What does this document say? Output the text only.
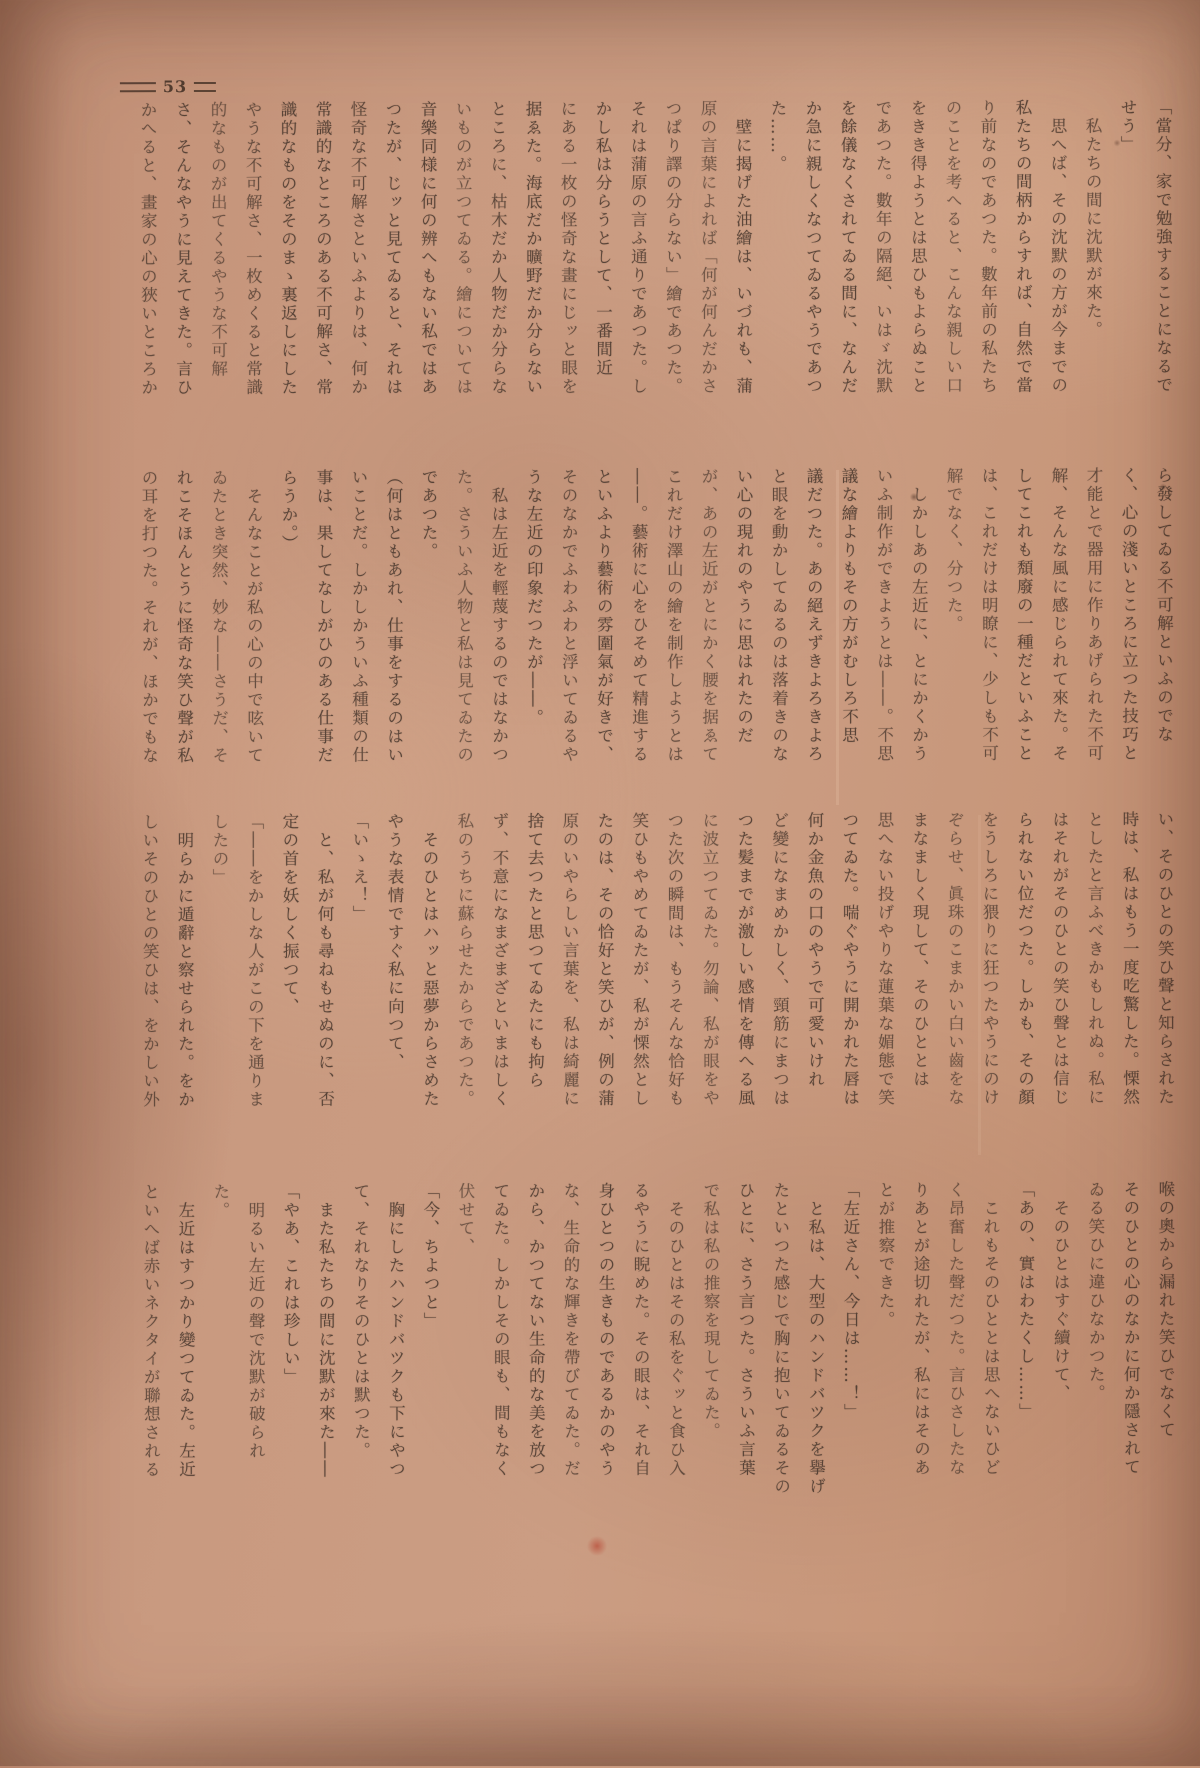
53
「當分、家で勉強することになるで
せう」
　私たちの間に沈默が來た。
　思へば、その沈默の方が今までの
私たちの間柄からすれば、自然で當
り前なのであつた。數年前の私たち
のことを考へると、こんな親しい口
をきき得ようとは思ひもよらぬこと
であつた。數年の隔絕、いはゞ沈默
を餘儀なくされてゐる間に、なんだ
か急に親しくなつてゐるやうであつ
た……。
　壁に揭げた油繪は、いづれも、蒲
原の言葉によれば「何が何んだかさ
つぱり譯の分らない」繪であつた。
それは蒲原の言ふ通りであつた。し
かし私は分らうとして、一番間近
にある一枚の怪奇な畫にじッと眼を
据ゑた。海底だか曠野だか分らない
ところに、枯木だか人物だか分らな
いものが立つてゐる。繪については
音樂同様に何の辨へもない私ではあ
つたが、じッと見てゐると、それは
怪奇な不可解さといふよりは、何か
常識的なところのある不可解さ、常
識的なものをそのまゝ裏返しにした
やうな不可解さ、一枚めくると常識
的なものが出てくるやうな不可解
さ、そんなやうに見えてきた。言ひ
かへると、畫家の心の狹いところか
ら發してゐる不可解といふのでな
く、心の淺いところに立つた技巧と
才能とで器用に作りあげられた不可
解、そんな風に感じられて來た。そ
してこれも頽廢の一種だといふこと
は、これだけは明瞭に、少しも不可
解でなく、分つた。
　しかしあの左近に、とにかくかう
いふ制作ができようとは――。不思
議な繪よりもその方がむしろ不思
議だつた。あの絕えずきよろきよろ
と眼を動かしてゐるのは落着きのな
い心の現れのやうに思はれたのだ
が、あの左近がとにかく腰を据ゑて
これだけ澤山の繪を制作しようとは
――。藝術に心をひそめて精進する
といふより藝術の雰圍氣が好きで、
そのなかでふわふわと浮いてゐるや
うな左近の印象だつたが――。
　私は左近を輕蔑するのではなかつ
た。さういふ人物と私は見てゐたの
であつた。
（何はともあれ、仕事をするのはい
いことだ。しかしかういふ種類の仕
事は、果してなしがひのある仕事だ
らうか。）
　そんなことが私の心の中で呟いて
ゐたとき突然、妙な――さうだ、そ
れこそほんとうに怪奇な笑ひ聲が私
の耳を打つた。それが、ほかでもな
い、そのひとの笑ひ聲と知らされた
時は、私はもう一度吃驚した。慄然
としたと言ふべきかもしれぬ。私に
はそれがそのひとの笑ひ聲とは信じ
られない位だつた。しかも、その顏
をうしろに猥りに狂つたやうにのけ
ぞらせ、眞珠のこまかい白い齒をな
まなましく現して、そのひととは
思へない投げやりな蓮葉な媚態で笑
つてゐた。喘ぐやうに開かれた唇は
何か金魚の口のやうで可愛いけれ
ど變になまめかしく、頸筋にまつは
つた髪までが激しい感情を傳へる風
に波立つてゐた。勿論、私が眼をや
つた次の瞬間は、もうそんな恰好も
笑ひもやめてゐたが、私が慄然とし
たのは、その恰好と笑ひが、例の蒲
原のいやらしい言葉を、私は綺麗に
捨て去つたと思つてゐたにも拘ら
ず、不意になまざまざといまはしく
私のうちに蘇らせたからであつた。
　そのひとはハッと惡夢からさめた
やうな表情ですぐ私に向つて、
「いゝえ！」
　と、私が何も尋ねもせぬのに、否
定の首を妖しく振つて、
「――をかしな人がこの下を通りま
したの」
　明らかに遁辭と察せられた。をか
しいそのひとの笑ひは、をかしい外
喉の奧から漏れた笑ひでなくて
そのひとの心のなかに何か隱されて
ゐる笑ひに違ひなかつた。
　そのひとはすぐ續けて、
「あの、實はわたくし……」
　これもそのひととは思へないひど
く昂奮した聲だつた。言ひさしたな
りあとが途切れたが、私にはそのあ
とが推察できた。
「左近さん、今日は……！」
　と私は、大型のハンドバツクを擧げ
たといつた感じで胸に抱いてゐるその
ひとに、さう言つた。さういふ言葉
で私は私の推察を現してゐた。
　そのひとはその私をぐッと食ひ入
るやうに睨めた。その眼は、それ自
身ひとつの生きものであるかのやう
な、生命的な輝きを帶びてゐた。だ
から、かつてない生命的な美を放つ
てゐた。しかしその眼も、間もなく
伏せて、
「今、ちよつと」
　胸にしたハンドバツクも下にやつ
て、それなりそのひとは默つた。
　また私たちの間に沈默が來た――
「やあ、これは珍しい」
　明るい左近の聲で沈默が破られ
た。
　左近はすつかり變つてゐた。左近
といへば赤いネクタイが聯想される
